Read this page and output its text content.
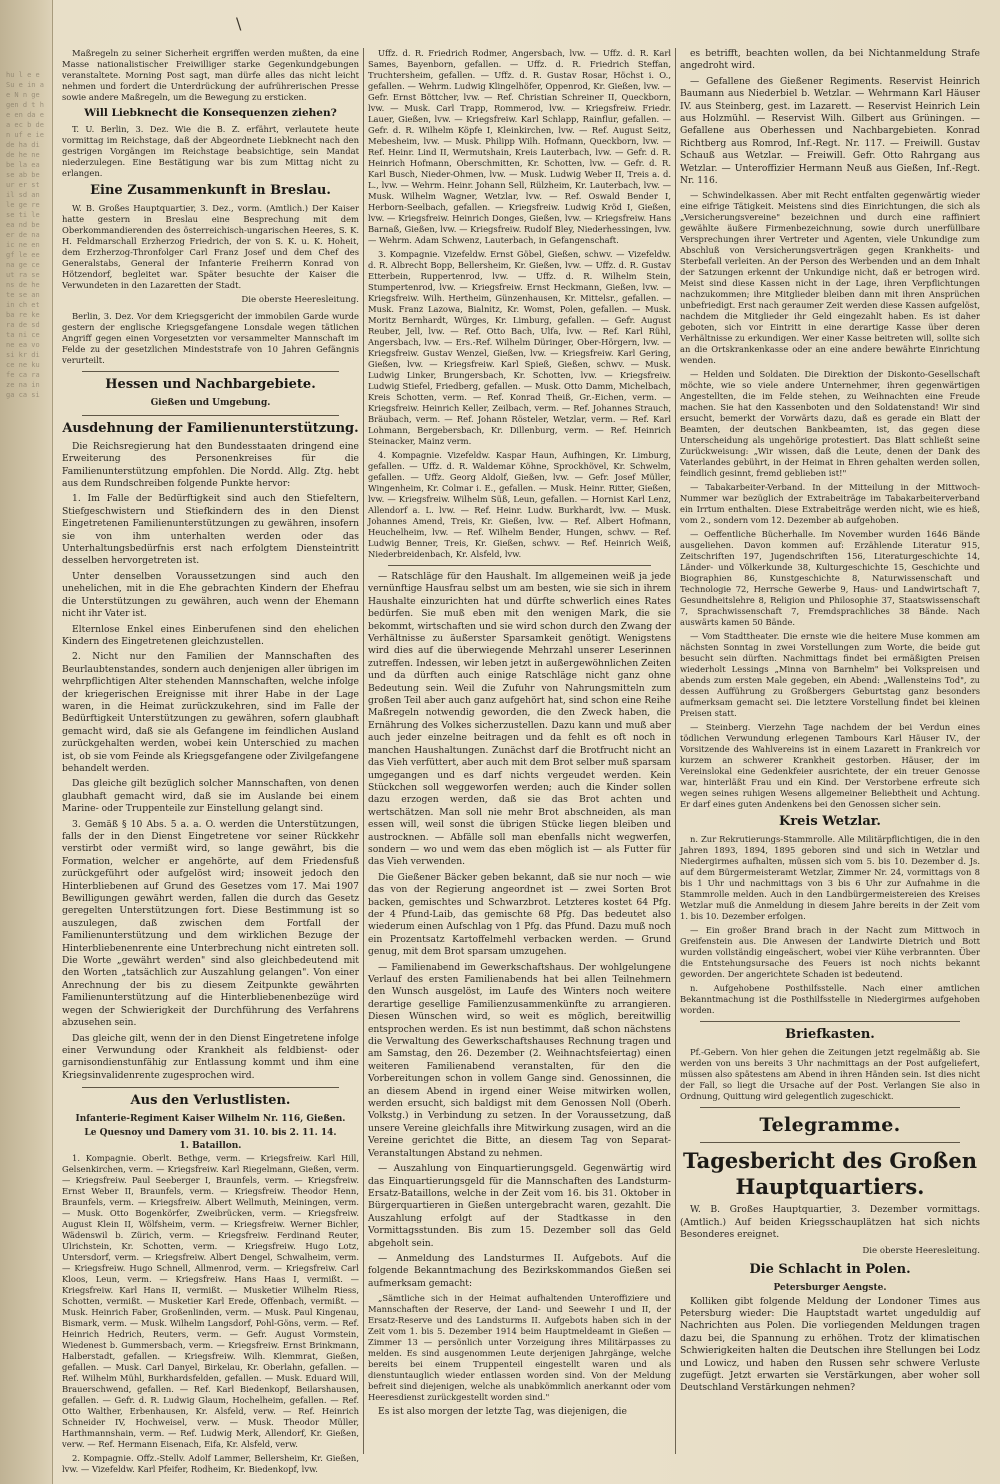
hu l e e Su e in a e N n ge gen d t he en da ea ec b de n uf e ie de ha di de he ne be la ea se ab be ur er st il sd an le ge re se ti le ea nd be er de na ic ne en gf le ee na ge ce ut ra se ns de he te se an in ch et ba re ke ra de sd ta ni ce ne ea vo si kr di ce ne ku fe ca ra ze na in ga ca si
\

Maßregeln zu seiner Sicherheit ergriffen werden mußten, da eine Masse nationalistischer Freiwilliger starke Gegenkundgebungen veranstaltete. Morning Post sagt, man dürfe alles das nicht leicht nehmen und fordert die Unterdrückung der aufrührerischen Presse sowie andere Maßregeln, um die Bewegung zu ersticken.

Will Liebknecht die Konsequenzen ziehen?

T. U. Berlin, 3. Dez. Wie die B. Z. erfährt, verlautete heute vormittag im Reichstage, daß der Abgeordnete Liebknecht nach den gestrigen Vorgängen im Reichstage beabsichtige, sein Mandat niederzulegen. Eine Bestätigung war bis zum Mittag nicht zu erlangen.

Eine Zusammenkunft in Breslau.

W. B. Großes Hauptquartier, 3. Dez., vorm. (Amtlich.) Der Kaiser hatte gestern in Breslau eine Besprechung mit dem Oberkommandierenden des österreichisch-ungarischen Heeres, S. K. H. Feldmarschall Erzherzog Friedrich, der von S. K. u. K. Hoheit, dem Erzherzog-Thronfolger Carl Franz Josef und dem Chef des Generalstabs, General der Infanterie Freiherrn Konrad von Hötzendorf, begleitet war. Später besuchte der Kaiser die Verwundeten in den Lazaretten der Stadt.

Die oberste Heeresleitung.

Berlin, 3. Dez. Vor dem Kriegsgericht der immobilen Garde wurde gestern der englische Kriegsgefangene Lonsdale wegen tätlichen Angriff gegen einen Vorgesetzten vor versammelter Mannschaft im Felde zu der gesetzlichen Mindeststrafe von 10 Jahren Gefängnis verurteilt.

Hessen und Nachbargebiete.
Gießen und Umgebung.
Ausdehnung der Familienunterstützung.

Die Reichsregierung hat den Bundesstaaten dringend eine Erweiterung des Personenkreises für die Familienunterstützung empfohlen. Die Nordd. Allg. Ztg. hebt aus dem Rundschreiben folgende Punkte hervor:

1. Im Falle der Bedürftigkeit sind auch den Stiefeltern, Stiefgeschwistern und Stiefkindern des in den Dienst Eingetretenen Familienunterstützungen zu gewähren, insofern sie von ihm unterhalten werden oder das Unterhaltungsbedürfnis erst nach erfolgtem Diensteintritt desselben hervorgetreten ist.

Unter denselben Voraussetzungen sind auch den unehelichen, mit in die Ehe gebrachten Kindern der Ehefrau die Unterstützungen zu gewähren, auch wenn der Ehemann nicht ihr Vater ist.

Elternlose Enkel eines Einberufenen sind den ehelichen Kindern des Eingetretenen gleichzustellen.

2. Nicht nur den Familien der Mannschaften des Beurlaubtenstandes, sondern auch denjenigen aller übrigen im wehrpflichtigen Alter stehenden Mannschaften, welche infolge der kriegerischen Ereignisse mit ihrer Habe in der Lage waren, in die Heimat zurückzukehren, sind im Falle der Bedürftigkeit Unterstützungen zu gewähren, sofern glaubhaft gemacht wird, daß sie als Gefangene im feindlichen Ausland zurückgehalten werden, wobei kein Unterschied zu machen ist, ob sie vom Feinde als Kriegsgefangene oder Zivilgefangene behandelt werden.

Das gleiche gilt bezüglich solcher Mannschaften, von denen glaubhaft gemacht wird, daß sie im Auslande bei einem Marine- oder Truppenteile zur Einstellung gelangt sind.

3. Gemäß § 10 Abs. 5 a. a. O. werden die Unterstützungen, falls der in den Dienst Eingetretene vor seiner Rückkehr verstirbt oder vermißt wird, so lange gewährt, bis die Formation, welcher er angehörte, auf dem Friedensfuß zurückgeführt oder aufgelöst wird; insoweit jedoch den Hinterbliebenen auf Grund des Gesetzes vom 17. Mai 1907 Bewilligungen gewährt werden, fallen die durch das Gesetz geregelten Unterstützungen fort. Diese Bestimmung ist so auszulegen, daß zwischen dem Fortfall der Familienunterstützung und dem wirklichen Bezuge der Hinterbliebenenrente eine Unterbrechung nicht eintreten soll. Die Worte „gewährt werden" sind also gleichbedeutend mit den Worten „tatsächlich zur Auszahlung gelangen". Von einer Anrechnung der bis zu diesem Zeitpunkte gewährten Familienunterstützung auf die Hinterbliebenenbezüge wird wegen der Schwierigkeit der Durchführung des Verfahrens abzusehen sein.

Das gleiche gilt, wenn der in den Dienst Eingetretene infolge einer Verwundung oder Krankheit als feldbienst- oder garnisondienstunfähig zur Entlassung kommt und ihm eine Kriegsinvalidenrente zugesprochen wird.

Aus den Verlustlisten.
Infanterie-Regiment Kaiser Wilhelm Nr. 116, Gießen.
Le Quesnoy und Damery vom 31. 10. bis 2. 11. 14.
1. Bataillon.

1. Kompagnie. Oberlt. Bethge, verm. — Kriegsfreiw. Karl Hill, Gelsenkirchen, verm. — Kriegsfreiw. Karl Riegelmann, Gießen, verm. — Kriegsfreiw. Paul Seeberger I, Braunfels, verm. — Kriegsfreiw. Ernst Weber II, Braunfels, verm. — Kriegsfreiw. Theodor Henn, Braunfels, verm. — Kriegsfreiw. Albert Wellmuth, Meiningen, verm. — Musk. Otto Bogenkörfer, Zweibrücken, verm. — Kriegsfreiw. August Klein II, Wölfsheim, verm. — Kriegsfreiw. Werner Bichler, Wädenswil b. Zürich, verm. — Kriegsfreiw. Ferdinand Reuter, Ulrichstein, Kr. Schotten, verm. — Kriegsfreiw. Hugo Lotz, Untersdorf, verm. — Kriegsfreiw. Albert Dengel, Schwalheim, verm. — Kriegsfreiw. Hugo Schnell, Allmenrod, verm. — Kriegsfreiw. Carl Kloos, Leun, verm. — Kriegsfreiw. Hans Haas I, vermißt. — Kriegsfreiw. Karl Hans II, vermißt. — Musketier Wilhelm Riess, Schotten, vermißt. — Musketier Karl Erede, Offenbach, vermißt. — Musk. Heinrich Faber, Großenlinden, verm. — Musk. Paul Kingenau, Bismark, verm. — Musk. Wilhelm Langsdorf, Pohl-Göns, verm. — Ref. Heinrich Hedrich, Reuters, verm. — Gefr. August Vormstein, Wiedenest b. Gummersbach, verm. — Kriegsfreiw. Ernst Brinkmann, Halberstadt, gefallen. — Kriegsfreiw. Wilh. Klemmrat, Gießen, gefallen. — Musk. Carl Danyel, Birkelau, Kr. Oberlahn, gefallen. — Ref. Wilhelm Mühl, Burkhardsfelden, gefallen. — Musk. Eduard Will, Brauerschwend, gefallen. — Ref. Karl Biedenkopf, Beilarshausen, gefallen. — Gefr. d. R. Ludwig Glaum, Hochelheim, gefallen. — Ref. Otto Walther, Erbenhausen, Kr. Alsfeld, verw. — Ref. Heinrich Schneider IV, Hochweisel, verw. — Musk. Theodor Müller, Harthmannshain, verm. — Ref. Ludwig Merk, Allendorf, Kr. Gießen, verw. — Ref. Hermann Eisenach, Eifa, Kr. Alsfeld, verw.

2. Kompagnie. Offz.-Stellv. Adolf Lammer, Bellersheim, Kr. Gießen, lvw. — Vizefeldw. Karl Pfeifer, Rodheim, Kr. Biedenkopf, lvw.

Uffz. d. R. Friedrich Rodmer, Angersbach, lvw. — Uffz. d. R. Karl Sames, Bayenborn, gefallen. — Uffz. d. R. Friedrich Steffan, Truchtersheim, gefallen. — Uffz. d. R. Gustav Rosar, Höchst i. O., gefallen. — Wehrm. Ludwig Klingelhöfer, Oppenrod, Kr. Gießen, lvw. — Gefr. Ernst Böttcher, lvw. — Ref. Christian Schreiner II, Queckborn, lvw. — Musk. Carl Trapp, Rommerod, lvw. — Kriegsfreiw. Friedr. Lauer, Gießen, lvw. — Kriegsfreiw. Karl Schlapp, Rainflur, gefallen. — Gefr. d. R. Wilhelm Köpfe I, Kleinkirchen, lvw. — Ref. August Seitz, Mebesheim, lvw. — Musk. Philipp Wilh. Hofmann, Queckborn, lvw. — Ref. Heinr. Lind II, Wermutshain, Kreis Lauterbach, lvw. — Gefr. d. R. Heinrich Hofmann, Oberschmitten, Kr. Schotten, lvw. — Gefr. d. R. Karl Busch, Nieder-Ohmen, lvw. — Musk. Ludwig Weber II, Treis a. d. L., lvw. — Wehrm. Heinr. Johann Sell, Rülzheim, Kr. Lauterbach, lvw. — Musk. Wilhelm Wagner, Wetzlar, lvw. — Ref. Oswald Bender I, Herborn-Seelbach, gefallen. — Kriegsfreiw. Ludwig Kröd I, Gießen, lvw. — Kriegsfreiw. Heinrich Donges, Gießen, lvw. — Kriegsfreiw. Hans Barnaß, Gießen, lvw. — Kriegsfreiw. Rudolf Bley, Niederhessingen, lvw. — Wehrm. Adam Schwenz, Lauterbach, in Gefangenschaft.

3. Kompagnie. Vizefeldw. Ernst Göbel, Gießen, schwv. — Vizefeldw. d. R. Albrecht Bopp, Bellersheim, Kr. Gießen, lvw. — Uffz. d. R. Gustav Etterbein, Ruppertenrod, lvw. — Uffz. d. R. Wilhelm Stein, Stumpertenrod, lvw. — Kriegsfreiw. Ernst Heckmann, Gießen, lvw. — Kriegsfreiw. Wilh. Hertheim, Günzenhausen, Kr. Mittelsr., gefallen. — Musk. Franz Lazowa, Bialnitz, Kr. Womst, Polen, gefallen. — Musk. Moritz Bernhardt, Würges, Kr. Limburg, gefallen. — Gefr. August Reuber, Jell, lvw. — Ref. Otto Bach, Ulfa, lvw. — Ref. Karl Rühl, Angersbach, lvw. — Ers.-Ref. Wilhelm Düringer, Ober-Hörgern, lvw. — Kriegsfreiw. Gustav Wenzel, Gießen, lvw. — Kriegsfreiw. Karl Gering, Gießen, lvw. — Kriegsfreiw. Karl Spieß, Gießen, schwv. — Musk. Ludwig Linker, Brungersbach, Kr. Schotten, lvw. — Kriegsfreiw. Ludwig Stiefel, Friedberg, gefallen. — Musk. Otto Damm, Michelbach, Kreis Schotten, verm. — Ref. Konrad Theiß, Gr.-Eichen, verm. — Kriegsfreiw. Heinrich Keller, Zeilbach, verm. — Ref. Johannes Strauch, Bräubach, verm. — Ref. Johann Rösteler, Wetzlar, verm. — Ref. Karl Lohmann, Bergebersbach, Kr. Dillenburg, verm. — Ref. Heinrich Steinacker, Mainz verm.

4. Kompagnie. Vizefeldw. Kaspar Haun, Aufhingen, Kr. Limburg, gefallen. — Uffz. d. R. Waldemar Köhne, Sprockhövel, Kr. Schwelm, gefallen. — Uffz. Georg Aldolf, Gießen, lvw. — Gefr. Josef Müller, Wingenheim, Kr. Colmar i. E., gefallen. — Musk. Heinr. Ritter, Gießen, lvw. — Kriegsfreiw. Wilhelm Süß, Leun, gefallen. — Hornist Karl Lenz, Allendorf a. L. lvw. — Ref. Heinr. Ludw. Burkhardt, lvw. — Musk. Johannes Amend, Treis, Kr. Gießen, lvw. — Ref. Albert Hofmann, Heuchelheim, lvw. — Ref. Wilhelm Bender, Hungen, schwv. — Ref. Ludwig Benner, Treis, Kr. Gießen, schwv. — Ref. Heinrich Weiß, Niederbreidenbach, Kr. Alsfeld, lvw.

— Ratschläge für den Haushalt. Im allgemeinen weiß ja jede vernünftige Hausfrau selbst um am besten, wie sie sich in ihrem Haushalte einzurichten hat und dürfte schwerlich eines Rates bedürfen. Sie muß eben mit den wenigen Mark, die sie bekommt, wirtschaften und sie wird schon durch den Zwang der Verhältnisse zu äußerster Sparsamkeit genötigt. Wenigstens wird dies auf die überwiegende Mehrzahl unserer Leserinnen zutreffen. Indessen, wir leben jetzt in außergewöhnlichen Zeiten und da dürften auch einige Ratschläge nicht ganz ohne Bedeutung sein. Weil die Zufuhr von Nahrungsmitteln zum großen Teil aber auch ganz aufgehört hat, sind schon eine Reihe Maßregeln notwendig geworden, die den Zweck haben, die Ernährung des Volkes sicherzustellen. Dazu kann und muß aber auch jeder einzelne beitragen und da fehlt es oft noch in manchen Haushaltungen. Zunächst darf die Brotfrucht nicht an das Vieh verfüttert, aber auch mit dem Brot selber muß sparsam umgegangen und es darf nichts vergeudet werden. Kein Stückchen soll weggeworfen werden; auch die Kinder sollen dazu erzogen werden, daß sie das Brot achten und wertschätzen. Man soll nie mehr Brot abschneiden, als man essen will, weil sonst die übrigen Stücke liegen bleiben und austrocknen. — Abfälle soll man ebenfalls nicht wegwerfen, sondern — wo und wem das eben möglich ist — als Futter für das Vieh verwenden.

Die Gießener Bäcker geben bekannt, daß sie nur noch — wie das von der Regierung angeordnet ist — zwei Sorten Brot backen, gemischtes und Schwarzbrot. Letzteres kostet 64 Pfg. der 4 Pfund-Laib, das gemischte 68 Pfg. Das bedeutet also wiederum einen Aufschlag von 1 Pfg. das Pfund. Dazu muß noch ein Prozentsatz Kartoffelmehl verbacken werden. — Grund genug, mit dem Brot sparsam umzugehen.

— Familienabend im Gewerkschaftshaus. Der wohlgelungene Verlauf des ersten Familienabends hat bei allen Teilnehmern den Wunsch ausgelöst, im Laufe des Winters noch weitere derartige gesellige Familienzusammenkünfte zu arrangieren. Diesen Wünschen wird, so weit es möglich, bereitwillig entsprochen werden. Es ist nun bestimmt, daß schon nächstens die Verwaltung des Gewerkschaftshauses Rechnung tragen und am Samstag, den 26. Dezember (2. Weihnachtsfeiertag) einen weiteren Familienabend veranstalten, für den die Vorbereitungen schon in vollem Gange sind. Genossinnen, die an diesem Abend in irgend einer Weise mitwirken wollen, werden ersucht, sich baldigst mit dem Genossen Noll (Oberh. Volkstg.) in Verbindung zu setzen. In der Voraussetzung, daß unsere Vereine gleichfalls ihre Mitwirkung zusagen, wird an die Vereine gerichtet die Bitte, an diesem Tag von Separat-Veranstaltungen Abstand zu nehmen.

— Auszahlung von Einquartierungsgeld. Gegenwärtig wird das Einquartierungsgeld für die Mannschaften des Landsturm-Ersatz-Bataillons, welche in der Zeit vom 16. bis 31. Oktober in Bürgerquartieren in Gießen untergebracht waren, gezahlt. Die Auszahlung erfolgt auf der Stadtkasse in den Vormittagsstunden. Bis zum 15. Dezember soll das Geld abgeholt sein.

— Anmeldung des Landsturmes II. Aufgebots. Auf die folgende Bekanntmachung des Bezirkskommandos Gießen sei aufmerksam gemacht:

„Sämtliche sich in der Heimat aufhaltenden Unteroffiziere und Mannschaften der Reserve, der Land- und Seewehr I und II, der Ersatz-Reserve und des Landsturms II. Aufgebots haben sich in der Zeit vom 1. bis 5. Dezember 1914 beim Hauptmeldeamt in Gießen — Zimmer 13 — persönlich unter Vorzeigung ihres Militärpasses zu melden. Es sind ausgenommen Leute derjenigen Jahrgänge, welche bereits bei einem Truppenteil eingestellt waren und als dienstuntauglich wieder entlassen worden sind. Von der Meldung befreit sind diejenigen, welche als unabkömmlich anerkannt oder vom Heeresdienst zurückgestellt worden sind."

Es ist also morgen der letzte Tag, was diejenigen, die

es betrifft, beachten wollen, da bei Nichtanmeldung Strafe angedroht wird.

— Gefallene des Gießener Regiments. Reservist Heinrich Baumann aus Niederbiel b. Wetzlar. — Wehrmann Karl Häuser IV. aus Steinberg, gest. im Lazarett. — Reservist Heinrich Lein aus Holzmühl. — Reservist Wilh. Gilbert aus Grüningen. — Gefallene aus Oberhessen und Nachbargebieten. Konrad Richtberg aus Romrod, Inf.-Regt. Nr. 117. — Freiwill. Gustav Schauß aus Wetzlar. — Freiwill. Gefr. Otto Rahrgang aus Wetzlar. — Unteroffizier Hermann Neuß aus Gießen, Inf.-Regt. Nr. 116.

— Schwindelkassen. Aber mit Recht entfalten gegenwärtig wieder eine eifrige Tätigkeit. Meistens sind dies Einrichtungen, die sich als „Versicherungsvereine" bezeichnen und durch eine raffiniert gewählte äußere Firmenbezeichnung, sowie durch unerfüllbare Versprechungen ihrer Vertreter und Agenten, viele Unkundige zum Abschluß von Versicherungsverträgen gegen Krankheits- und Sterbefall verleiten. An der Person des Werbenden und an dem Inhalt der Satzungen erkennt der Unkundige nicht, daß er betrogen wird. Meist sind diese Kassen nicht in der Lage, ihren Verpflichtungen nachzukommen; ihre Mitglieder bleiben dann mit ihren Ansprüchen unbefriedigt. Erst nach geraumer Zeit werden diese Kassen aufgelöst, nachdem die Mitglieder ihr Geld eingezahlt haben. Es ist daher geboten, sich vor Eintritt in eine derartige Kasse über deren Verhältnisse zu erkundigen. Wer einer Kasse beitreten will, sollte sich an die Ortskrankenkasse oder an eine andere bewährte Einrichtung wenden.

— Helden und Soldaten. Die Direktion der Diskonto-Gesellschaft möchte, wie so viele andere Unternehmer, ihren gegenwärtigen Angestellten, die im Felde stehen, zu Weihnachten eine Freude machen. Sie hat den Kassenboten und den Soldatenstand! Wir sind ersucht, bemerkt der Vorwärts dazu, daß es gerade ein Blatt der Beamten, der deutschen Bankbeamten, ist, das gegen diese Unterscheidung als ungehörige protestiert. Das Blatt schließt seine Zurückweisung: „Wir wissen, daß die Leute, denen der Dank des Vaterlandes gebührt, in der Heimat in Ehren gehalten werden sollen, feindlich gesinnt, fremd geblieben ist!"

— Tabakarbeiter-Verband. In der Mitteilung in der Mittwoch-Nummer war bezüglich der Extrabeiträge im Tabakarbeiterverband ein Irrtum enthalten. Diese Extrabeiträge werden nicht, wie es hieß, vom 2., sondern vom 12. Dezember ab aufgehoben.

— Oeffentliche Bücherhalle. Im November wurden 1646 Bände ausgeliehen. Davon kommen auf: Erzählende Literatur 915, Zeitschriften 197, Jugendschriften 156, Literaturgeschichte 14, Länder- und Völkerkunde 38, Kulturgeschichte 15, Geschichte und Biographien 86, Kunstgeschichte 8, Naturwissenschaft und Technologie 72, Herrsche Gewerbe 9, Haus- und Landwirtschaft 7, Gesundheitslehre 8, Religion und Philosophie 37, Staatswissenschaft 7, Sprachwissenschaft 7, Fremdsprachliches 38 Bände. Nach auswärts kamen 50 Bände.

— Vom Stadttheater. Die ernste wie die heitere Muse kommen am nächsten Sonntag in zwei Vorstellungen zum Worte, die beide gut besucht sein dürften. Nachmittags findet bei ermäßigten Preisen wiederholt Lessings „Minna von Barnhelm" bei Volkspreisen und abends zum ersten Male gegeben, ein Abend: „Wallensteins Tod", zu dessen Aufführung zu Großbergers Geburtstag ganz besonders aufmerksam gemacht sei. Die letztere Vorstellung findet bei kleinen Preisen statt.

— Steinberg. Vierzehn Tage nachdem der bei Verdun eines tödlichen Verwundung erlegenen Tambours Karl Häuser IV., der Vorsitzende des Wahlvereins ist in einem Lazarett in Frankreich vor kurzem an schwerer Krankheit gestorben. Häuser, der im Vereinslokal eine Gedenkfeier ausrichtete, der ein treuer Genosse war, hinterläßt Frau und ein Kind. Der Verstorbene erfreute sich wegen seines ruhigen Wesens allgemeiner Beliebtheit und Achtung. Er darf eines guten Andenkens bei den Genossen sicher sein.

Kreis Wetzlar.

n. Zur Rekrutierungs-Stammrolle. Alle Militärpflichtigen, die in den Jahren 1893, 1894, 1895 geboren sind und sich in Wetzlar und Niedergirmes aufhalten, müssen sich vom 5. bis 10. Dezember d. Js. auf dem Bürgermeisteramt Wetzlar, Zimmer Nr. 24, vormittags von 8 bis 1 Uhr und nachmittags von 3 bis 6 Uhr zur Aufnahme in die Stammrolle melden. Auch in den Landbürgermeistereien des Kreises Wetzlar muß die Anmeldung in diesem Jahre bereits in der Zeit vom 1. bis 10. Dezember erfolgen.

— Ein großer Brand brach in der Nacht zum Mittwoch in Greifenstein aus. Die Anwesen der Landwirte Dietrich und Bott wurden vollständig eingeäschert, wobei vier Kühe verbrannten. Über die Entstehungsursache des Feuers ist noch nichts bekannt geworden. Der angerichtete Schaden ist bedeutend.

n. Aufgehobene Posthilfsstelle. Nach einer amtlichen Bekanntmachung ist die Posthilfsstelle in Niedergirmes aufgehoben worden.

Briefkasten.

Pf.-Gebern. Von hier gehen die Zeitungen jetzt regelmäßig ab. Sie werden von uns bereits 3 Uhr nachmittags an der Post aufgeliefert, müssen also spätestens am Abend in ihren Händen sein. Ist dies nicht der Fall, so liegt die Ursache auf der Post. Verlangen Sie also in Ordnung, Quittung wird gelegentlich zugeschickt.

Telegramme.
Tagesbericht des Großen Hauptquartiers.

W. B. Großes Hauptquartier, 3. Dezember vormittags. (Amtlich.) Auf beiden Kriegsschauplätzen hat sich nichts Besonderes ereignet.

Die oberste Heeresleitung.
Die Schlacht in Polen.
Petersburger Aengste.

Kolliken gibt folgende Meldung der Londoner Times aus Petersburg wieder: Die Hauptstadt wartet ungeduldig auf Nachrichten aus Polen. Die vorliegenden Meldungen tragen dazu bei, die Spannung zu erhöhen. Trotz der klimatischen Schwierigkeiten halten die Deutschen ihre Stellungen bei Lodz und Lowicz, und haben den Russen sehr schwere Verluste zugefügt. Jetzt erwarten sie Verstärkungen, aber woher soll Deutschland Verstärkungen nehmen?
